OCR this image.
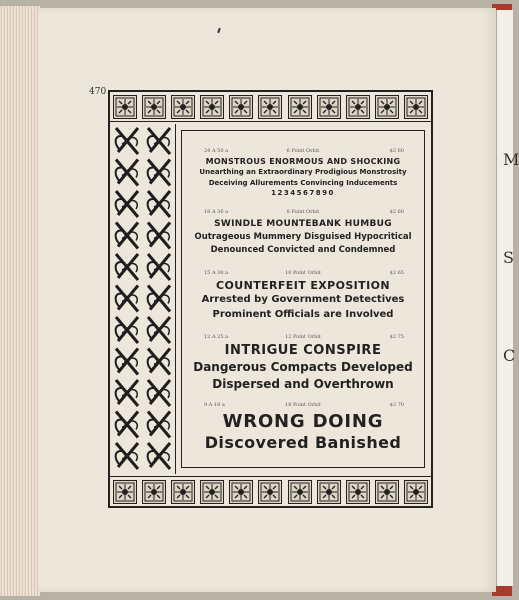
M
S
C
470
24 A 50 a	6 Point Orbit	$2 60
MONSTROUS ENORMOUS AND SHOCKING
Unearthing an Extraordinary Prodigious Monstrosity
Deceiving Allurements Convincing Inducements
1234567890
18 A 36 a	8 Point Orbit	$2 60
SWINDLE MOUNTEBANK HUMBUG
Outrageous Mummery Disguised Hypocritical
Denounced Convicted and Condemned
15 A 30 a	10 Point Orbit	$2 65
COUNTERFEIT EXPOSITION
Arrested by Government Detectives
Prominent Officials are Involved
12 A 25 a	12 Point Orbit	$2 75
INTRIGUE CONSPIRE
Dangerous Compacts Developed
Dispersed and Overthrown
9 A 18 a	18 Point Orbit	$3 70
WRONG DOING
Discovered Banished
